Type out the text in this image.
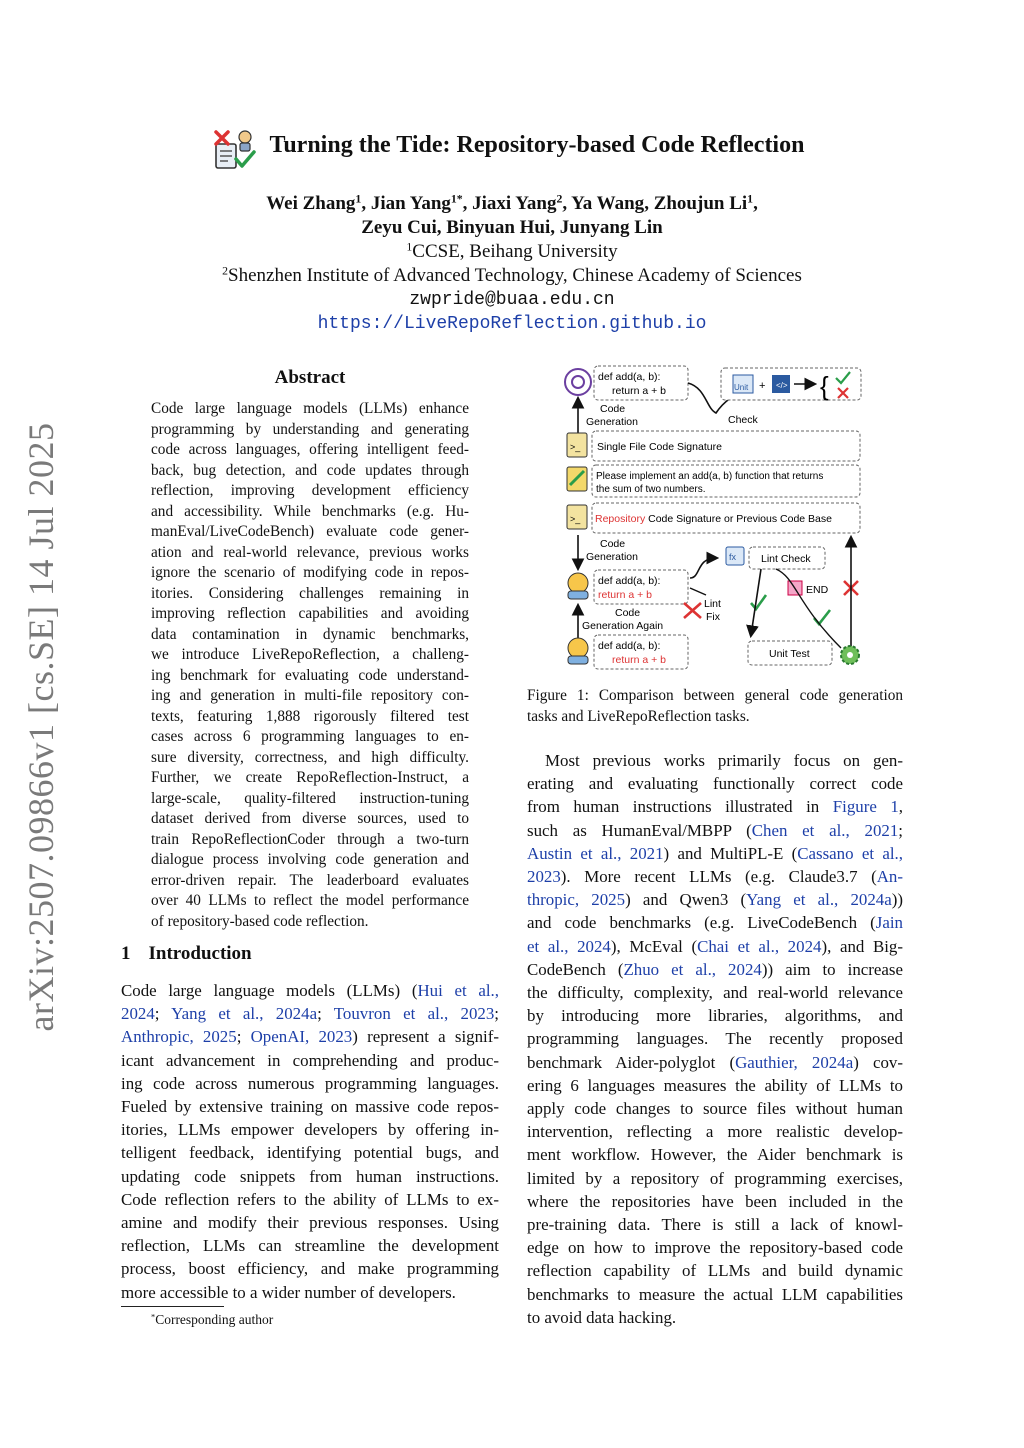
arXiv:2507.09866v1 [cs.SE] 14 Jul 2025
Turning the Tide: Repository-based Code Reflection
Wei Zhang$^1$, Jian Yang$^{1*}$, Jiaxi Yang$^2$, Ya Wang, Zhoujun Li$^1$,
Zeyu Cui, Binyuan Hui, Junyang Lin
$^1$CCSE, Beihang University
$^2$Shenzhen Institute of Advanced Technology, Chinese Academy of Sciences
zwpride@buaa.edu.cn
https://LiveRepoReflection.github.io
Abstract
Code large language models (LLMs) enhance
programming by understanding and generating
code across languages, offering intelligent feed-
back, bug detection, and code updates through
reflection, improving development efficiency
and accessibility. While benchmarks (e.g. Hu-
manEval/LiveCodeBench) evaluate code gener-
ation and real-world relevance, previous works
ignore the scenario of modifying code in repos-
itories. Considering challenges remaining in
improving reflection capabilities and avoiding
data contamination in dynamic benchmarks,
we introduce LiveRepoReflection, a challeng-
ing benchmark for evaluating code understand-
ing and generation in multi-file repository con-
texts, featuring 1,888 rigorously filtered test
cases across 6 programming languages to en-
sure diversity, correctness, and high difficulty.
Further, we create RepoReflection-Instruct, a
large-scale, quality-filtered instruction-tuning
dataset derived from diverse sources, used to
train RepoReflectionCoder through a two-turn
dialogue process involving code generation and
error-driven repair. The leaderboard evaluates
over 40 LLMs to reflect the model performance
of repository-based code reflection.
1 Introduction
Code large language models (LLMs) (Hui et al.,
2024; Yang et al., 2024a; Touvron et al., 2023;
Anthropic, 2025; OpenAI, 2023) represent a signif-
icant advancement in comprehending and produc-
ing code across numerous programming languages.
Fueled by extensive training on massive code repos-
itories, LLMs empower developers by offering in-
telligent feedback, identifying potential bugs, and
updating code snippets from human instructions.
Code reflection refers to the ability of LLMs to ex-
amine and modify their previous responses. Using
reflection, LLMs can streamline the development
process, boost efficiency, and make programming
more accessible to a wider number of developers.
*Corresponding author
def add(a, b):
return a + b
Code
Generation	Check
Unit + </> {
>_ Single File Code Signature
Please implement an add(a, b) function that returns
the sum of two numbers.
>_ Repository Code Signature or Previous Code Base
Code
Generation
def add(a, b):
return a + b
fx Lint Check
END
Lint
Fix
Code
Generation Again
def add(a, b):
return a + b	Unit Test
Figure 1: Comparison between general code generation
tasks and LiveRepoReflection tasks.
Most previous works primarily focus on gen-
erating and evaluating functionally correct code
from human instructions illustrated in Figure 1,
such as HumanEval/MBPP (Chen et al., 2021;
Austin et al., 2021) and MultiPL-E (Cassano et al.,
2023). More recent LLMs (e.g. Claude3.7 (An-
thropic, 2025) and Qwen3 (Yang et al., 2024a))
and code benchmarks (e.g. LiveCodeBench (Jain
et al., 2024), McEval (Chai et al., 2024), and Big-
CodeBench (Zhuo et al., 2024)) aim to increase
the difficulty, complexity, and real-world relevance
by introducing more libraries, algorithms, and
programming languages. The recently proposed
benchmark Aider-polyglot (Gauthier, 2024a) cov-
ering 6 languages measures the ability of LLMs to
apply code changes to source files without human
intervention, reflecting a more realistic develop-
ment workflow. However, the Aider benchmark is
limited by a repository of programming exercises,
where the repositories have been included in the
pre-training data. There is still a lack of knowl-
edge on how to improve the repository-based code
reflection capability of LLMs and build dynamic
benchmarks to measure the actual LLM capabilities
to avoid data hacking.
